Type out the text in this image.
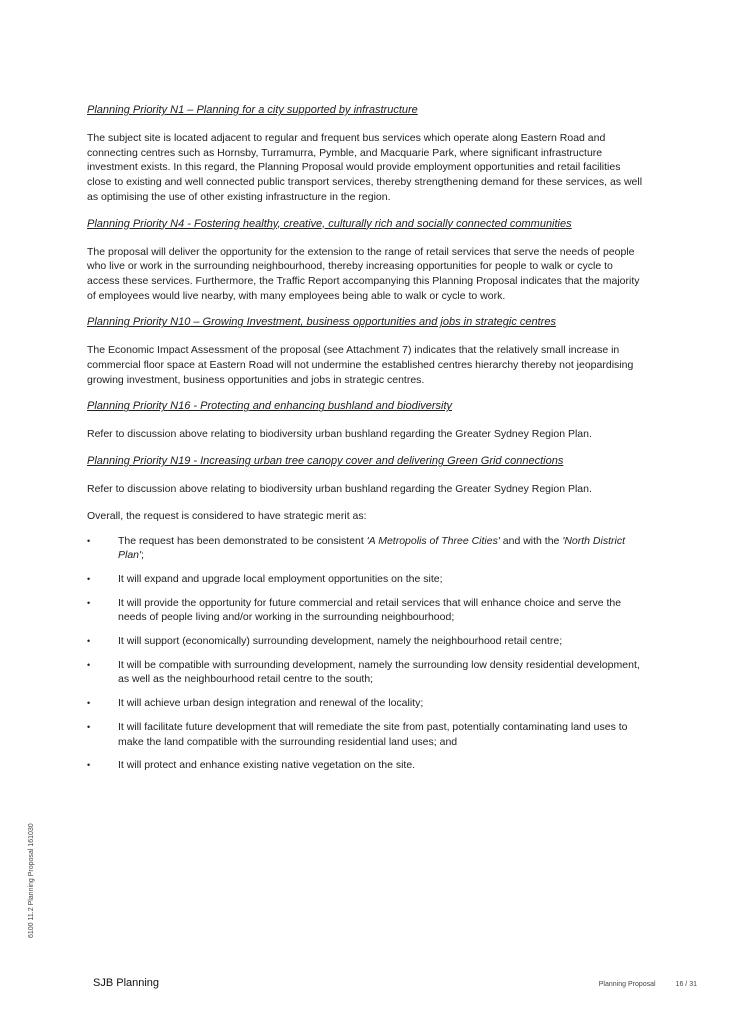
Planning Priority N1 – Planning for a city supported by infrastructure

The subject site is located adjacent to regular and frequent bus services which operate along Eastern Road and connecting centres such as Hornsby, Turramurra, Pymble, and Macquarie Park, where significant infrastructure investment exists. In this regard, the Planning Proposal would provide employment opportunities and retail facilities close to existing and well connected public transport services, thereby strengthening demand for these services, as well as optimising the use of other existing infrastructure in the region.

Planning Priority N4 - Fostering healthy, creative, culturally rich and socially connected communities

The proposal will deliver the opportunity for the extension to the range of retail services that serve the needs of people who live or work in the surrounding neighbourhood, thereby increasing opportunities for people to walk or cycle to access these services. Furthermore, the Traffic Report accompanying this Planning Proposal indicates that the majority of employees would live nearby, with many employees being able to walk or cycle to work.

Planning Priority N10 – Growing Investment, business opportunities and jobs in strategic centres

The Economic Impact Assessment of the proposal (see Attachment 7) indicates that the relatively small increase in commercial floor space at Eastern Road will not undermine the established centres hierarchy thereby not jeopardising growing investment, business opportunities and jobs in strategic centres.

Planning Priority N16 - Protecting and enhancing bushland and biodiversity

Refer to discussion above relating to biodiversity urban bushland regarding the Greater Sydney Region Plan.

Planning Priority N19 - Increasing urban tree canopy cover and delivering Green Grid connections

Refer to discussion above relating to biodiversity urban bushland regarding the Greater Sydney Region Plan.

Overall, the request is considered to have strategic merit as:

•	The request has been demonstrated to be consistent 'A Metropolis of Three Cities' and with the 'North District Plan';
•	It will expand and upgrade local employment opportunities on the site;
•	It will provide the opportunity for future commercial and retail services that will enhance choice and serve the needs of people living and/or working in the surrounding neighbourhood;
•	It will support (economically) surrounding development, namely the neighbourhood retail centre;
•	It will be compatible with surrounding development, namely the surrounding low density residential development, as well as the neighbourhood retail centre to the south;
•	It will achieve urban design integration and renewal of the locality;
•	It will facilitate future development that will remediate the site from past, potentially contaminating land uses to make the land compatible with the surrounding residential land uses; and
•	It will protect and enhance existing native vegetation on the site.
6100 11.2 Planning Proposal 161030
SJB Planning	Planning Proposal	16 / 31
